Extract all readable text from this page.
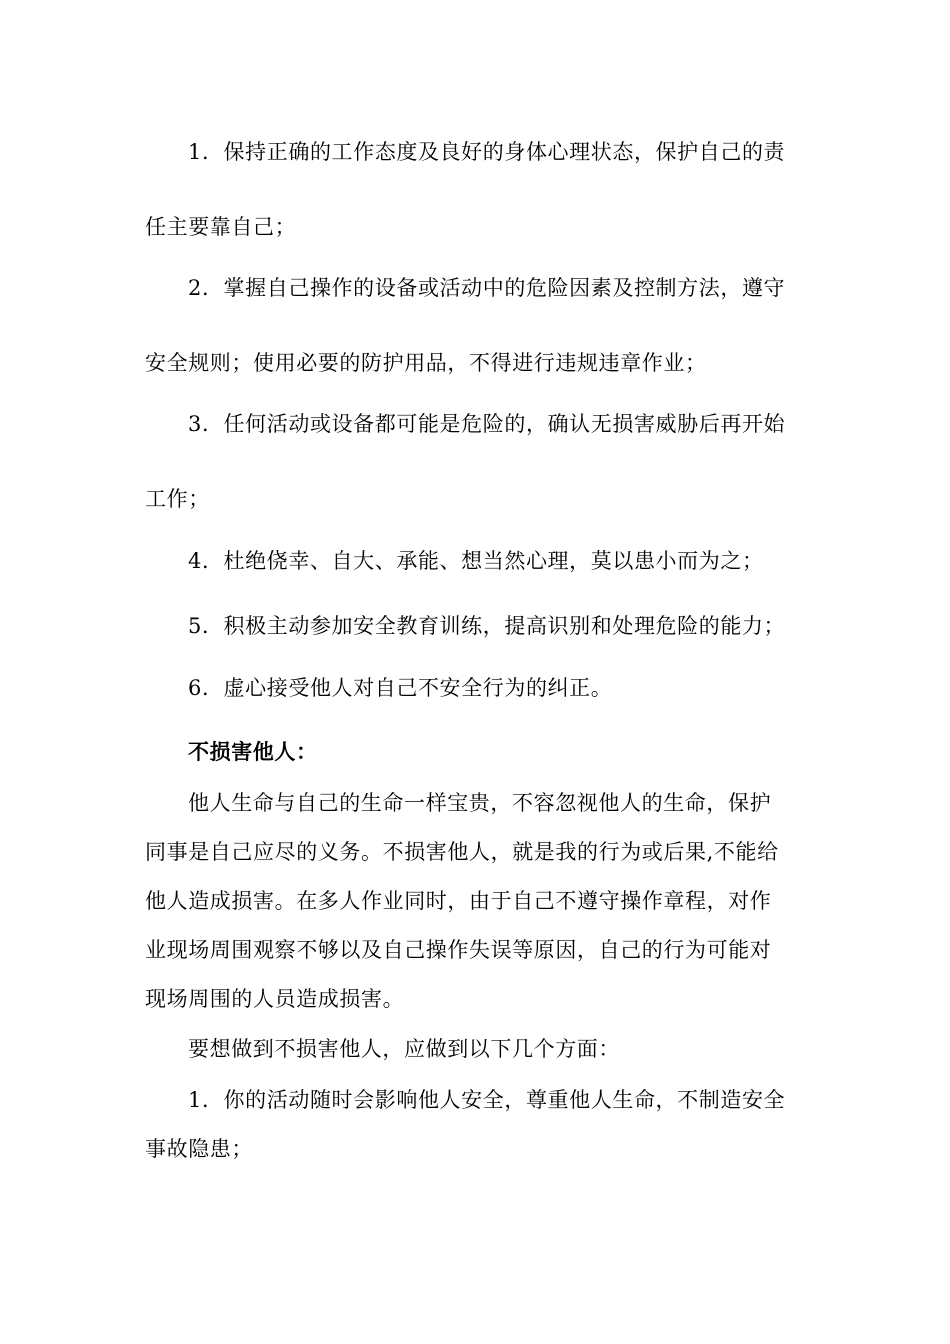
1．保持正确的工作态度及良好的身体心理状态，保护自己的责
任主要靠自己；
2．掌握自己操作的设备或活动中的危险因素及控制方法，遵守
安全规则；使用必要的防护用品，不得进行违规违章作业；
3．任何活动或设备都可能是危险的，确认无损害威胁后再开始
工作；
4．杜绝侥幸、自大、承能、想当然心理，莫以患小而为之；
5．积极主动参加安全教育训练，提高识别和处理危险的能力；
6．虚心接受他人对自己不安全行为的纠正。
不损害他人：
他人生命与自己的生命一样宝贵，不容忽视他人的生命，保护
同事是自己应尽的义务。不损害他人，就是我的行为或后果,不能给
他人造成损害。在多人作业同时，由于自己不遵守操作章程，对作
业现场周围观察不够以及自己操作失误等原因，自己的行为可能对
现场周围的人员造成损害。
要想做到不损害他人，应做到以下几个方面：
1．你的活动随时会影响他人安全，尊重他人生命，不制造安全
事故隐患；
